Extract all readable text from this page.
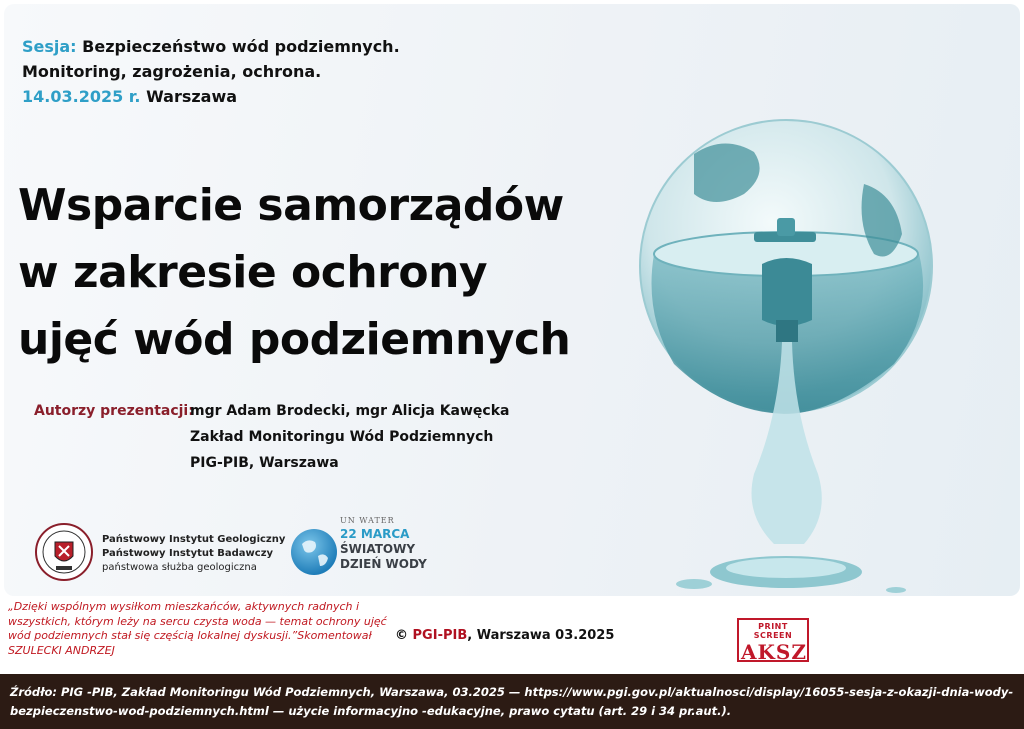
Sesja: Bezpieczeństwo wód podziemnych.
Monitoring, zagrożenia, ochrona.
14.03.2025 r. Warszawa
Wsparcie samorządów
w zakresie ochrony
ujęć wód podziemnych
Autorzy prezentacji:
mgr Adam Brodecki, mgr Alicja Kawęcka
Zakład Monitoringu Wód Podziemnych
PIG-PIB, Warszawa
Państwowy Instytut Geologiczny
Państwowy Instytut Badawczy
państwowa służba geologiczna
UN WATER
22 MARCA
ŚWIATOWY
DZIEŃ WODY
„Dzięki wspólnym wysiłkom mieszkańców, aktywnych radnych i wszystkich, którym leży na sercu czysta woda — temat ochrony ujęć wód podziemnych stał się częścią lokalnej dyskusji.”Skomentował SZULECKI ANDRZEJ
© PGI-PIB, Warszawa 03.2025
PRINT SCREEN
AKSZ
Źródło: PIG -PIB, Zakład Monitoringu Wód Podziemnych, Warszawa, 03.2025 — https://www.pgi.gov.pl/aktualnosci/display/16055-sesja-z-okazji-dnia-wody-bezpieczenstwo-wod-podziemnych.html — użycie informacyjno -edukacyjne, prawo cytatu (art. 29 i 34 pr.aut.).
